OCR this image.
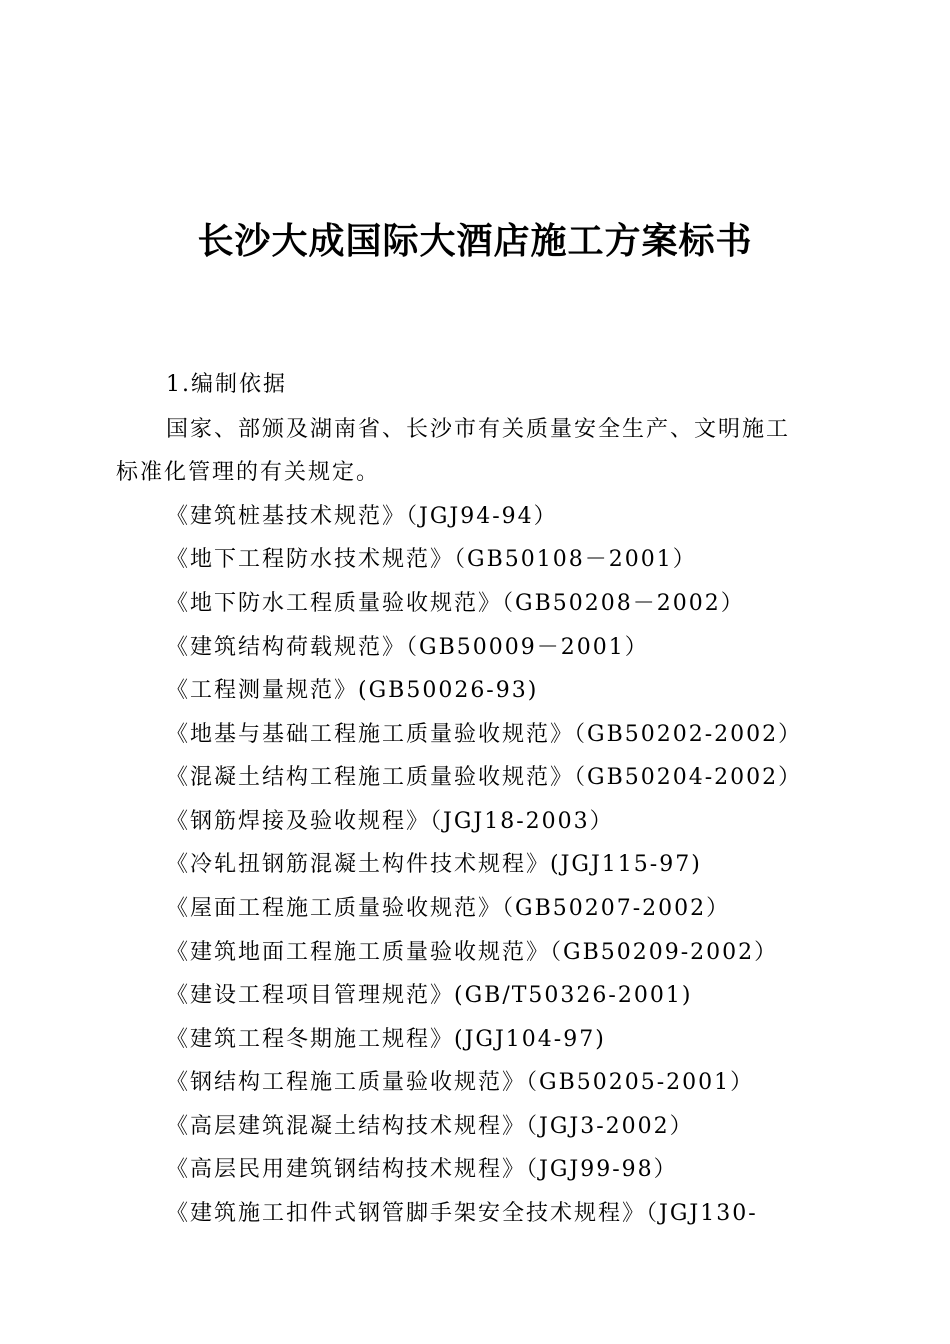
长沙大成国际大酒店施工方案标书
1.编制依据
国家、部颁及湖南省、长沙市有关质量安全生产、文明施工
标准化管理的有关规定。
《建筑桩基技术规范》（JGJ94-94）
《地下工程防水技术规范》（GB50108－2001）
《地下防水工程质量验收规范》（GB50208－2002）
《建筑结构荷载规范》（GB50009－2001）
《工程测量规范》(GB50026-93)
《地基与基础工程施工质量验收规范》（GB50202-2002）
《混凝土结构工程施工质量验收规范》（GB50204-2002）
《钢筋焊接及验收规程》（JGJ18-2003）
《冷轧扭钢筋混凝土构件技术规程》(JGJ115-97)
《屋面工程施工质量验收规范》（GB50207-2002）
《建筑地面工程施工质量验收规范》（GB50209-2002）
《建设工程项目管理规范》(GB/T50326-2001)
《建筑工程冬期施工规程》(JGJ104-97)
《钢结构工程施工质量验收规范》（GB50205-2001）
《高层建筑混凝土结构技术规程》（JGJ3-2002）
《高层民用建筑钢结构技术规程》（JGJ99-98）
《建筑施工扣件式钢管脚手架安全技术规程》（JGJ130-
